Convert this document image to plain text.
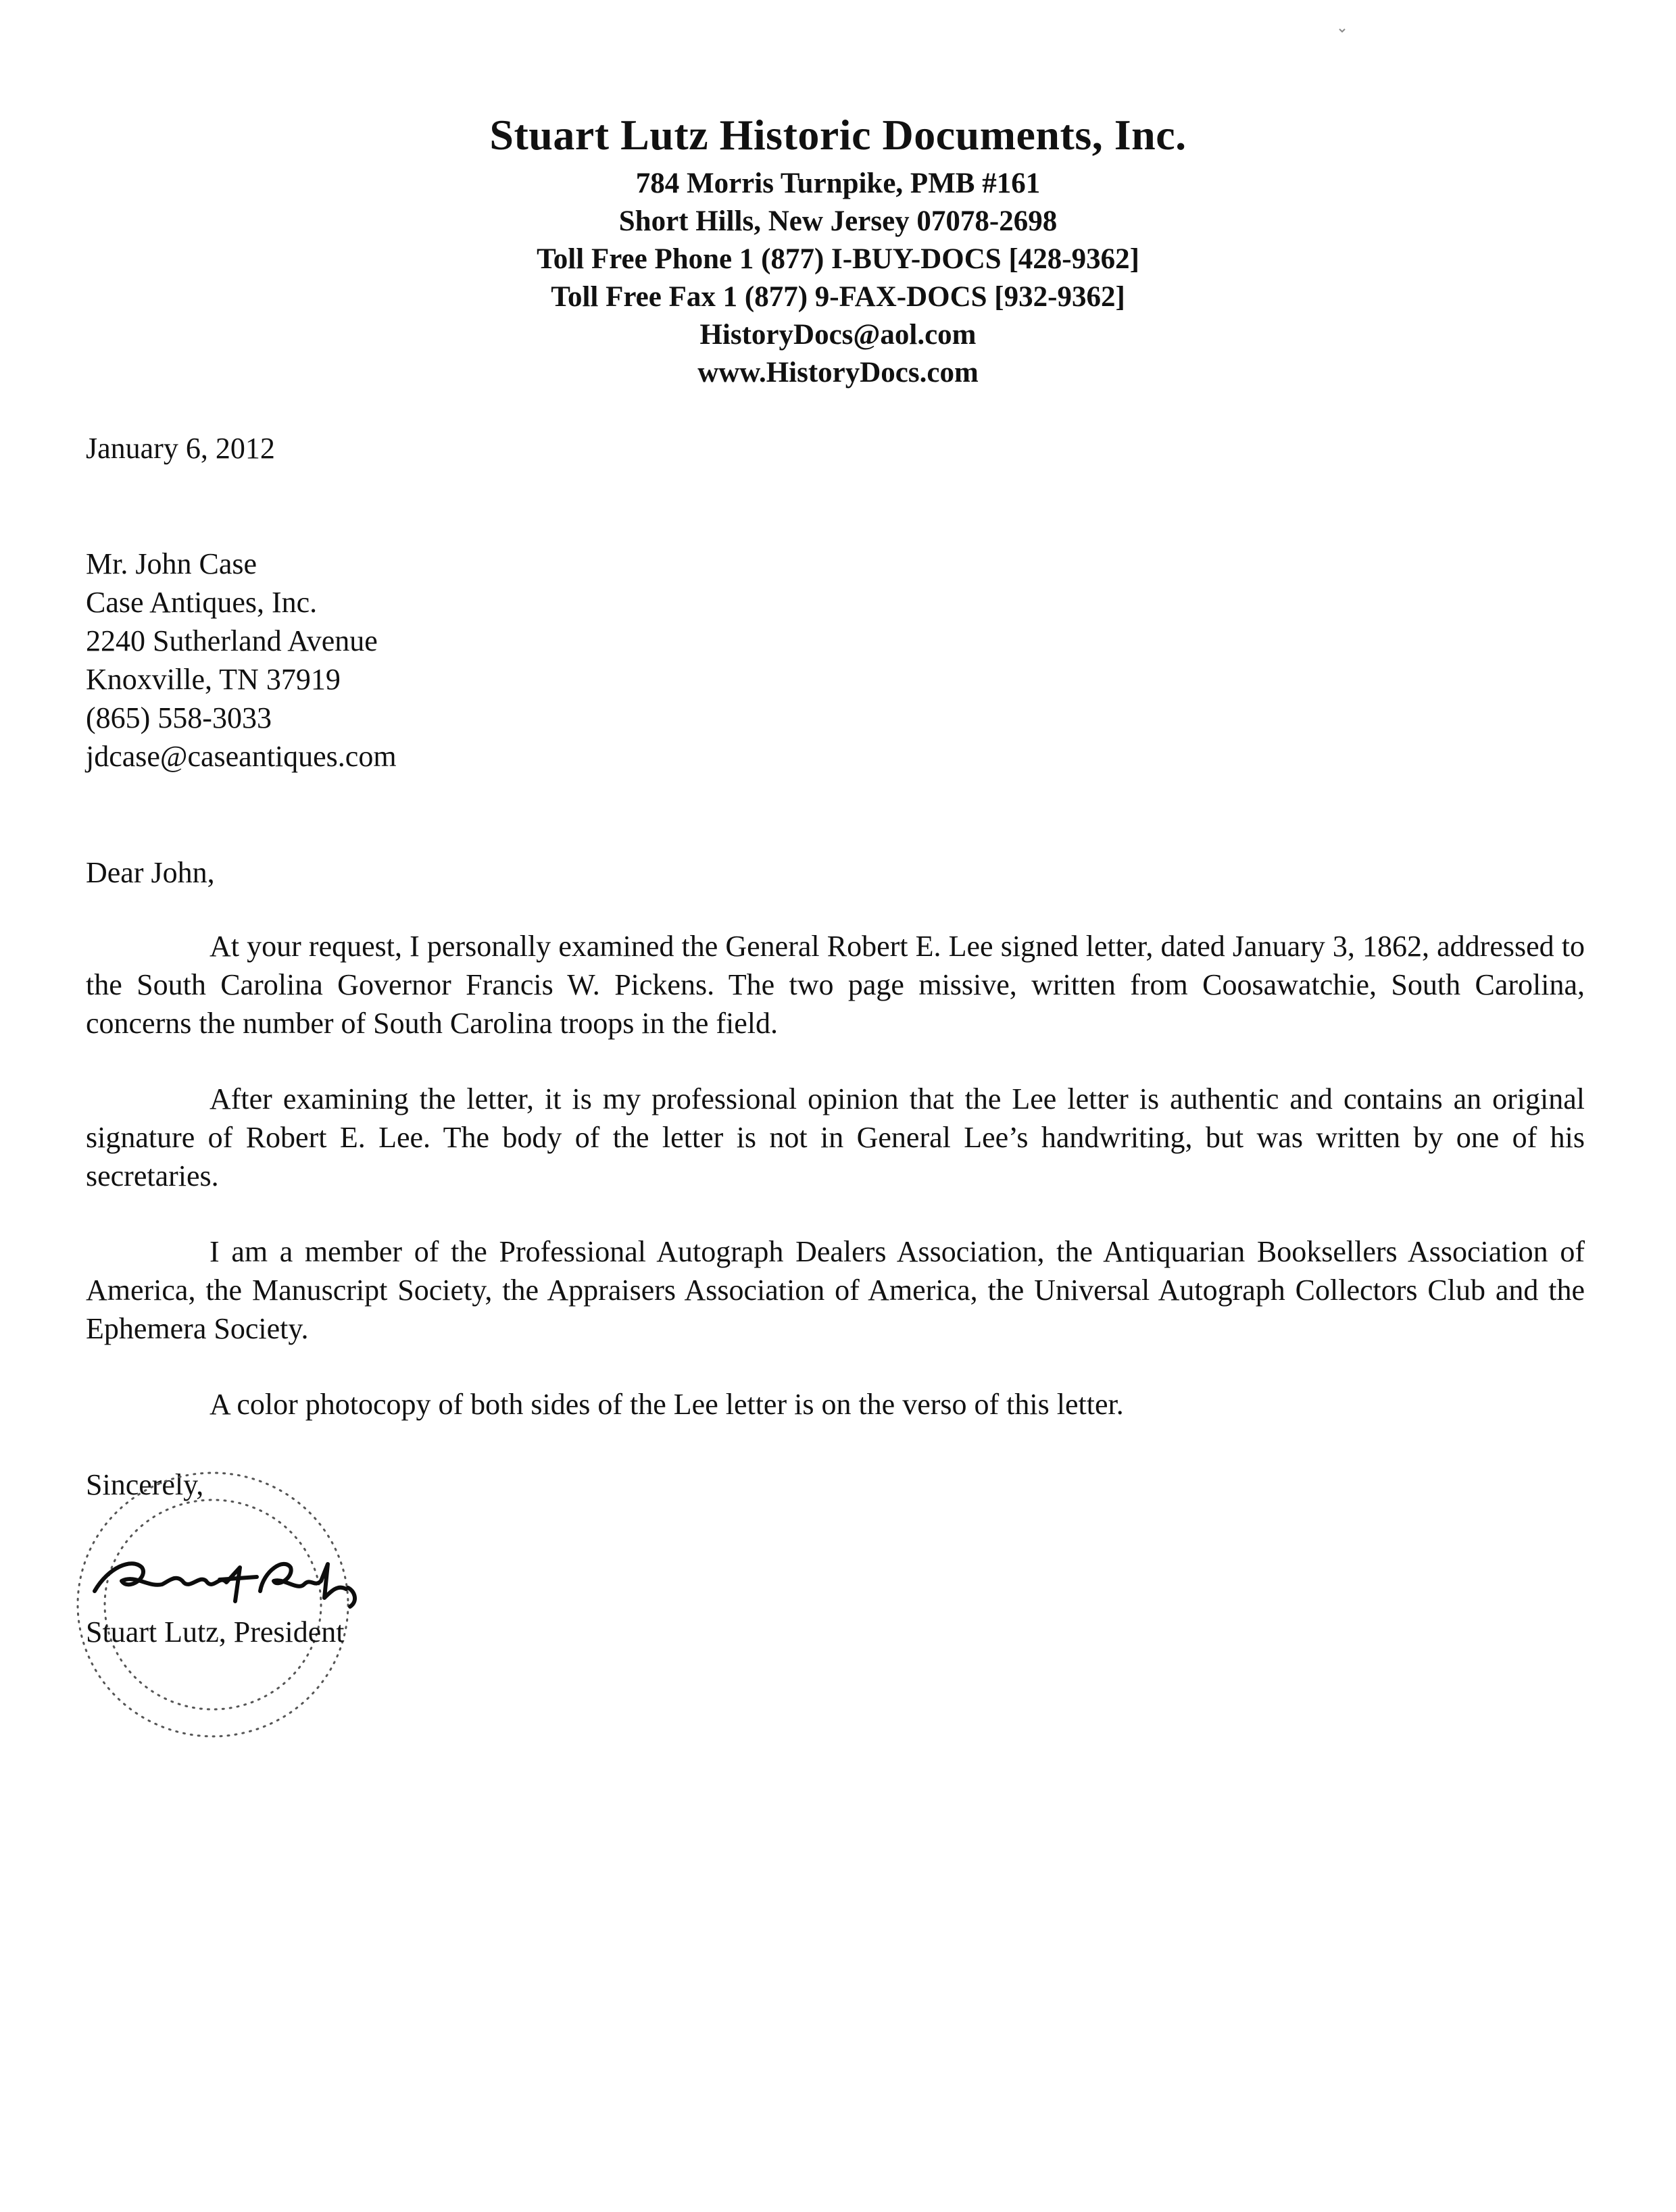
Stuart Lutz Historic Documents, Inc.
784 Morris Turnpike, PMB #161
Short Hills, New Jersey 07078-2698
Toll Free Phone 1 (877) I-BUY-DOCS [428-9362]
Toll Free Fax 1 (877) 9-FAX-DOCS [932-9362]
HistoryDocs@aol.com
www.HistoryDocs.com
January 6, 2012
Mr. John Case
Case Antiques, Inc.
2240 Sutherland Avenue
Knoxville, TN 37919
(865) 558-3033
jdcase@caseantiques.com
Dear John,

At your request, I personally examined the General Robert E. Lee signed letter, dated January 3, 1862, addressed to the South Carolina Governor Francis W. Pickens. The two page missive, written from Coosawatchie, South Carolina, concerns the number of South Carolina troops in the field.

After examining the letter, it is my professional opinion that the Lee letter is authentic and contains an original signature of Robert E. Lee. The body of the letter is not in General Lee’s handwriting, but was written by one of his secretaries.

I am a member of the Professional Autograph Dealers Association, the Antiquarian Booksellers Association of America, the Manuscript Society, the Appraisers Association of America, the Universal Autograph Collectors Club and the Ephemera Society.

A color photocopy of both sides of the Lee letter is on the verso of this letter.

Sincerely,
Stuart Lutz, President
